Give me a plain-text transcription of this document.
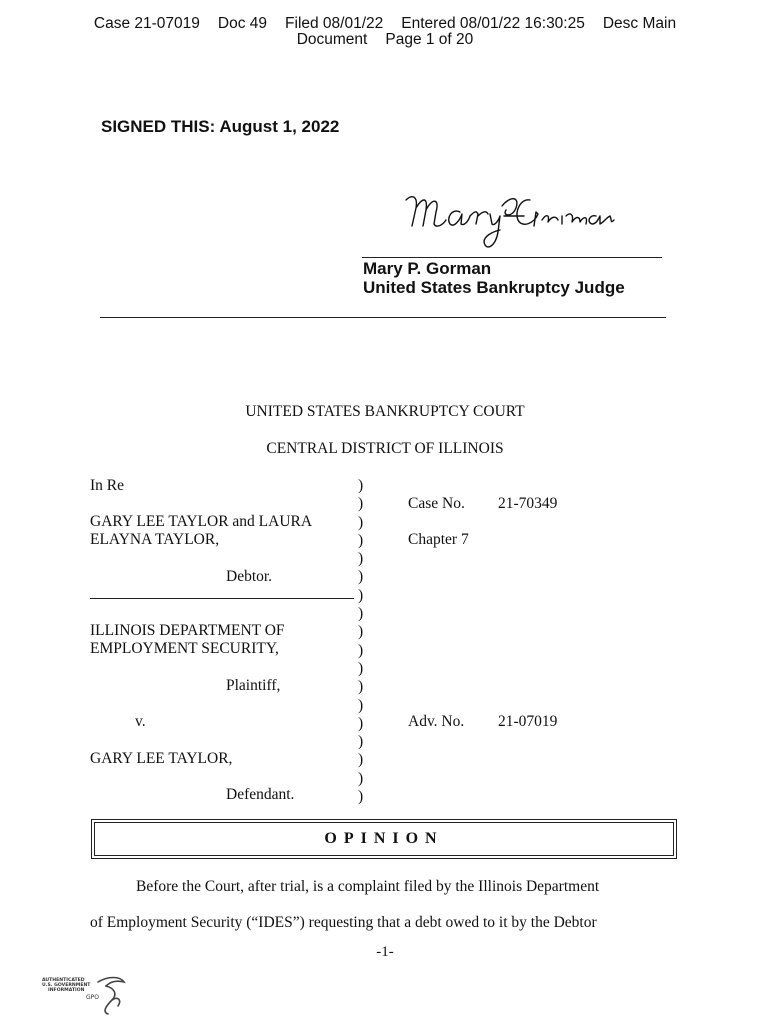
Case 21-07019 Doc 49 Filed 08/01/22 Entered 08/01/22 16:30:25 Desc Main
Document Page 1 of 20
SIGNED THIS: August 1, 2022
Mary P. Gorman
United States Bankruptcy Judge
UNITED STATES BANKRUPTCY COURT
CENTRAL DISTRICT OF ILLINOIS
In Re
GARY LEE TAYLOR and LAURA
ELAYNA TAYLOR,
Debtor.
ILLINOIS DEPARTMENT OF
EMPLOYMENT SECURITY,
Plaintiff,
v.
GARY LEE TAYLOR,
Defendant.
)
)
)
)
)
)
)
)
)
)
)
)
)
)
)
)
)
)
Case No. 21-70349
Chapter 7
Adv. No. 21-07019
OPINION
Before the Court, after trial, is a complaint filed by the Illinois Department
of Employment Security (“IDES”) requesting that a debt owed to it by the Debtor
-1-
AUTHENTICATED
U.S. GOVERNMENT
INFORMATION
GPO
